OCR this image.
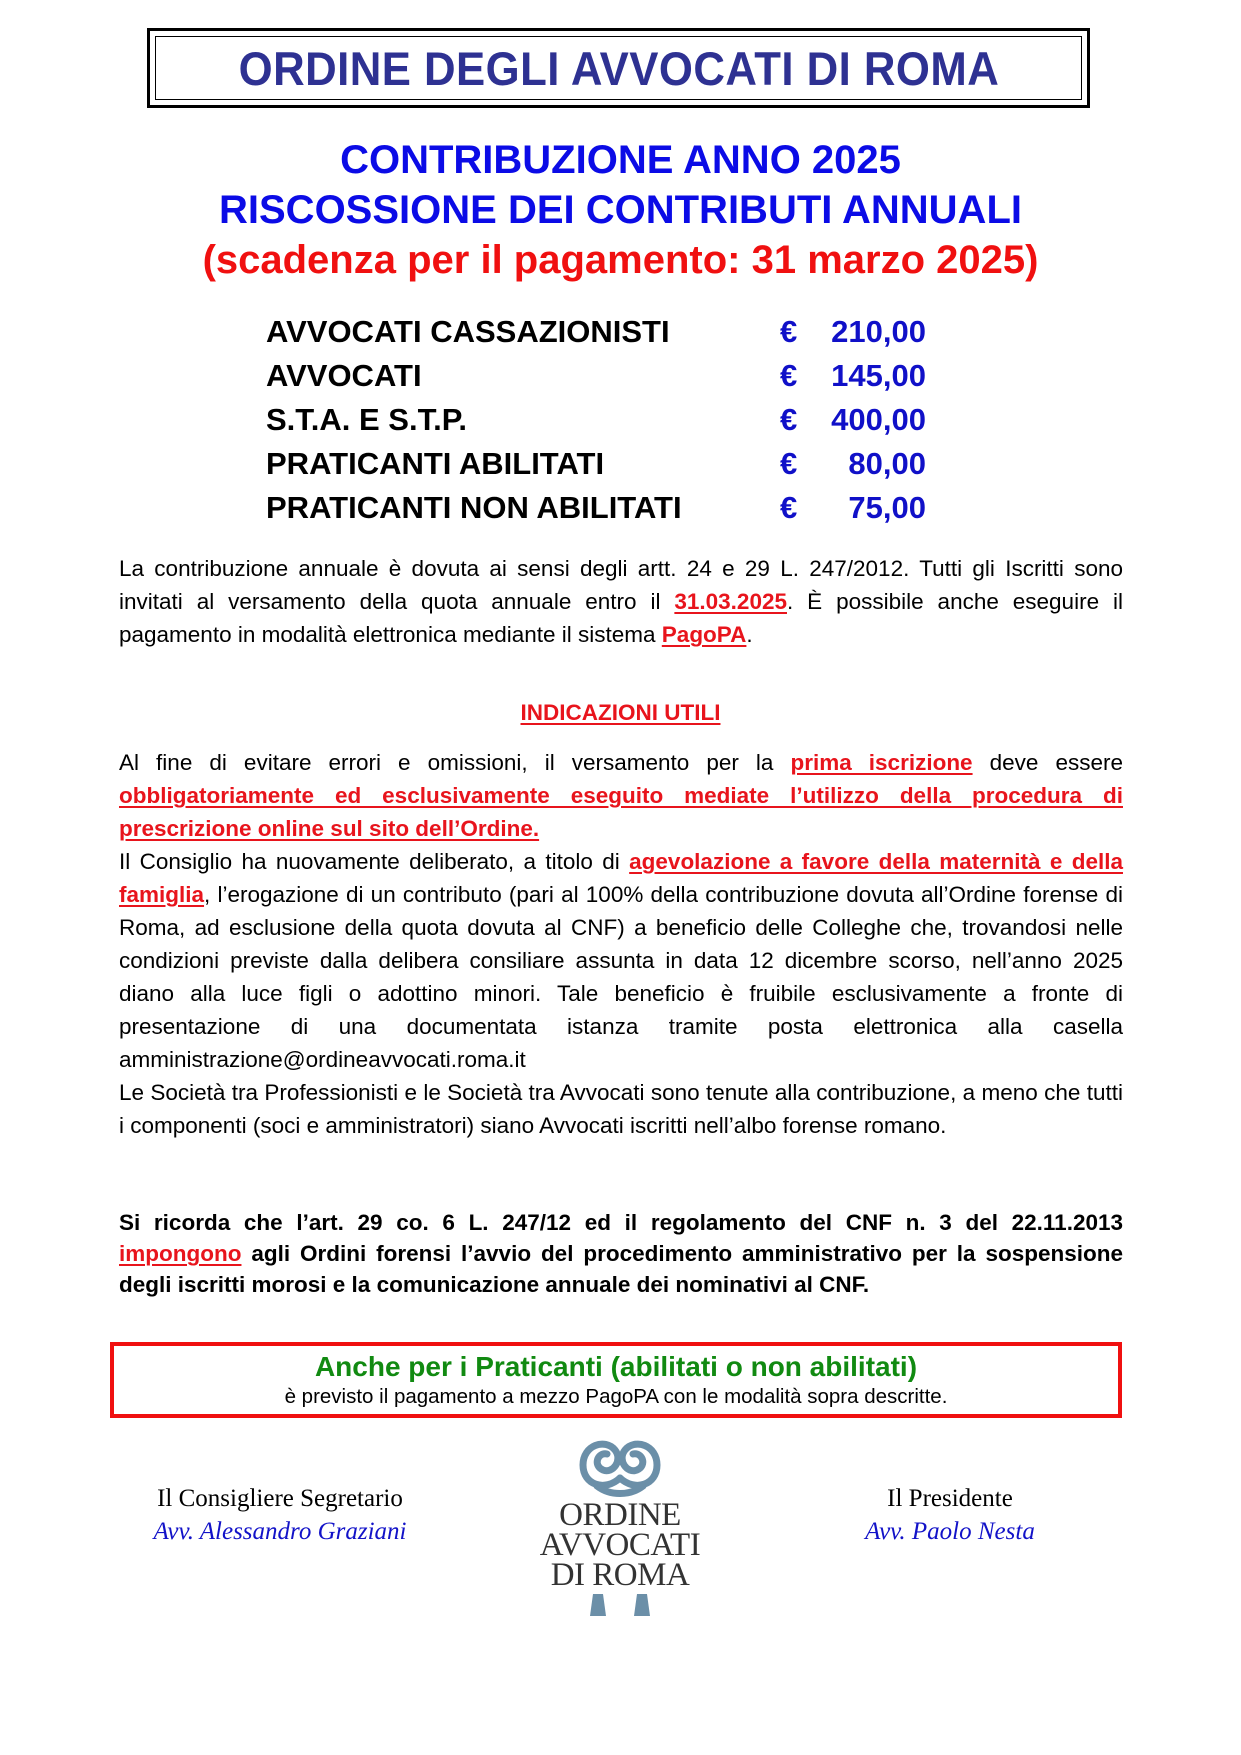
ORDINE DEGLI AVVOCATI DI ROMA
CONTRIBUZIONE ANNO 2025
RISCOSSIONE DEI CONTRIBUTI ANNUALI
(scadenza per il pagamento: 31 marzo 2025)
AVVOCATI CASSAZIONISTI	€ 210,00
AVVOCATI	€ 145,00
S.T.A. E S.T.P.	€ 400,00
PRATICANTI ABILITATI	€ 80,00
PRATICANTI NON ABILITATI	€ 75,00
La contribuzione annuale è dovuta ai sensi degli artt. 24 e 29 L. 247/2012. Tutti gli Iscritti sono invitati al versamento della quota annuale entro il 31.03.2025. È possibile anche eseguire il pagamento in modalità elettronica mediante il sistema PagoPA.
INDICAZIONI UTILI
Al fine di evitare errori e omissioni, il versamento per la prima iscrizione deve essere obbligatoriamente ed esclusivamente eseguito mediate l’utilizzo della procedura di prescrizione online sul sito dell’Ordine.
Il Consiglio ha nuovamente deliberato, a titolo di agevolazione a favore della maternità e della famiglia, l’erogazione di un contributo (pari al 100% della contribuzione dovuta all’Ordine forense di Roma, ad esclusione della quota dovuta al CNF) a beneficio delle Colleghe che, trovandosi nelle condizioni previste dalla delibera consiliare assunta in data 12 dicembre scorso, nell’anno 2025 diano alla luce figli o adottino minori. Tale beneficio è fruibile esclusivamente a fronte di presentazione di una documentata istanza tramite posta elettronica alla casella amministrazione@ordineavvocati.roma.it
Le Società tra Professionisti e le Società tra Avvocati sono tenute alla contribuzione, a meno che tutti i componenti (soci e amministratori) siano Avvocati iscritti nell’albo forense romano.
Si ricorda che l’art. 29 co. 6 L. 247/12 ed il regolamento del CNF n. 3 del 22.11.2013 impongono agli Ordini forensi l’avvio del procedimento amministrativo per la sospensione degli iscritti morosi e la comunicazione annuale dei nominativi al CNF.
Anche per i Praticanti (abilitati o non abilitati)
è previsto il pagamento a mezzo PagoPA con le modalità sopra descritte.
Il Consigliere Segretario
Avv. Alessandro Graziani	ORDINE
AVVOCATI
DI ROMA
Il Presidente
Avv. Paolo Nesta
